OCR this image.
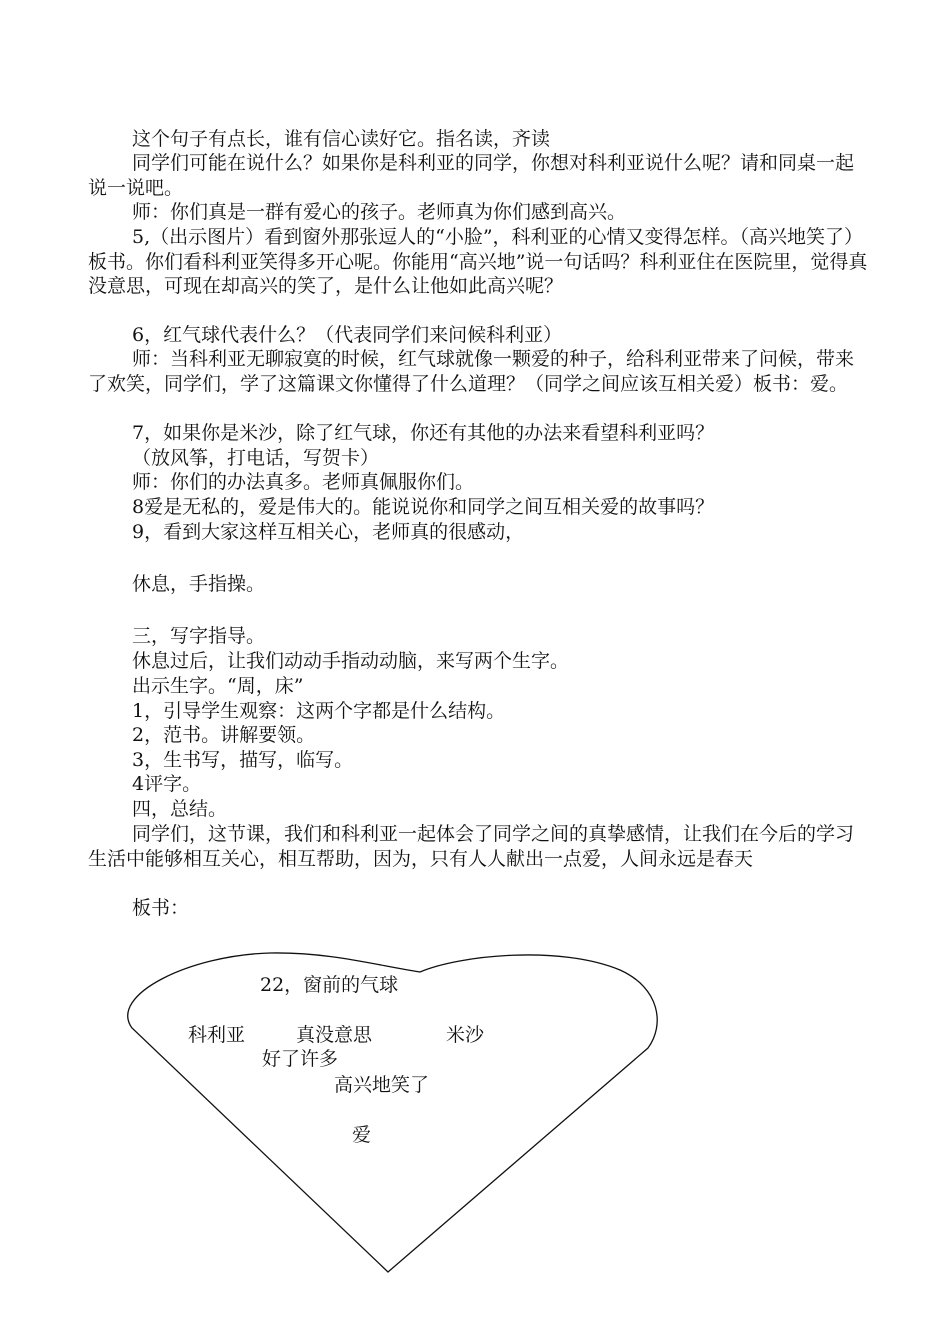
这个句子有点长，谁有信心读好它。指名读，齐读

同学们可能在说什么？如果你是科利亚的同学，你想对科利亚说什么呢？请和同桌一起说一说吧。

师：你们真是一群有爱心的孩子。老师真为你们感到高兴。

5,（出示图片）看到窗外那张逗人的“小脸”，科利亚的心情又变得怎样。（高兴地笑了）板书。你们看科利亚笑得多开心呢。你能用“高兴地”说一句话吗？科利亚住在医院里，觉得真没意思，可现在却高兴的笑了，是什么让他如此高兴呢？

6，红气球代表什么？（代表同学们来问候科利亚）

师：当科利亚无聊寂寞的时候，红气球就像一颗爱的种子，给科利亚带来了问候，带来了欢笑，同学们，学了这篇课文你懂得了什么道理？（同学之间应该互相关爱）板书：爱。

7，如果你是米沙，除了红气球，你还有其他的办法来看望科利亚吗？

（放风筝，打电话，写贺卡）

师：你们的办法真多。老师真佩服你们。

8爱是无私的，爱是伟大的。能说说你和同学之间互相关爱的故事吗？

9，看到大家这样互相关心，老师真的很感动，

休息，手指操。

三，写字指导。

休息过后，让我们动动手指动动脑，来写两个生字。

出示生字。“周，床”

1，引导学生观察：这两个字都是什么结构。

2，范书。讲解要领。

3，生书写，描写，临写。

4评字。

四，总结。

同学们，这节课，我们和科利亚一起体会了同学之间的真挚感情，让我们在今后的学习生活中能够相互关心，相互帮助，因为，只有人人献出一点爱，人间永远是春天

板书：

22，窗前的气球
科利亚	真没意思	米沙
好了许多
高兴地笑了
爱
